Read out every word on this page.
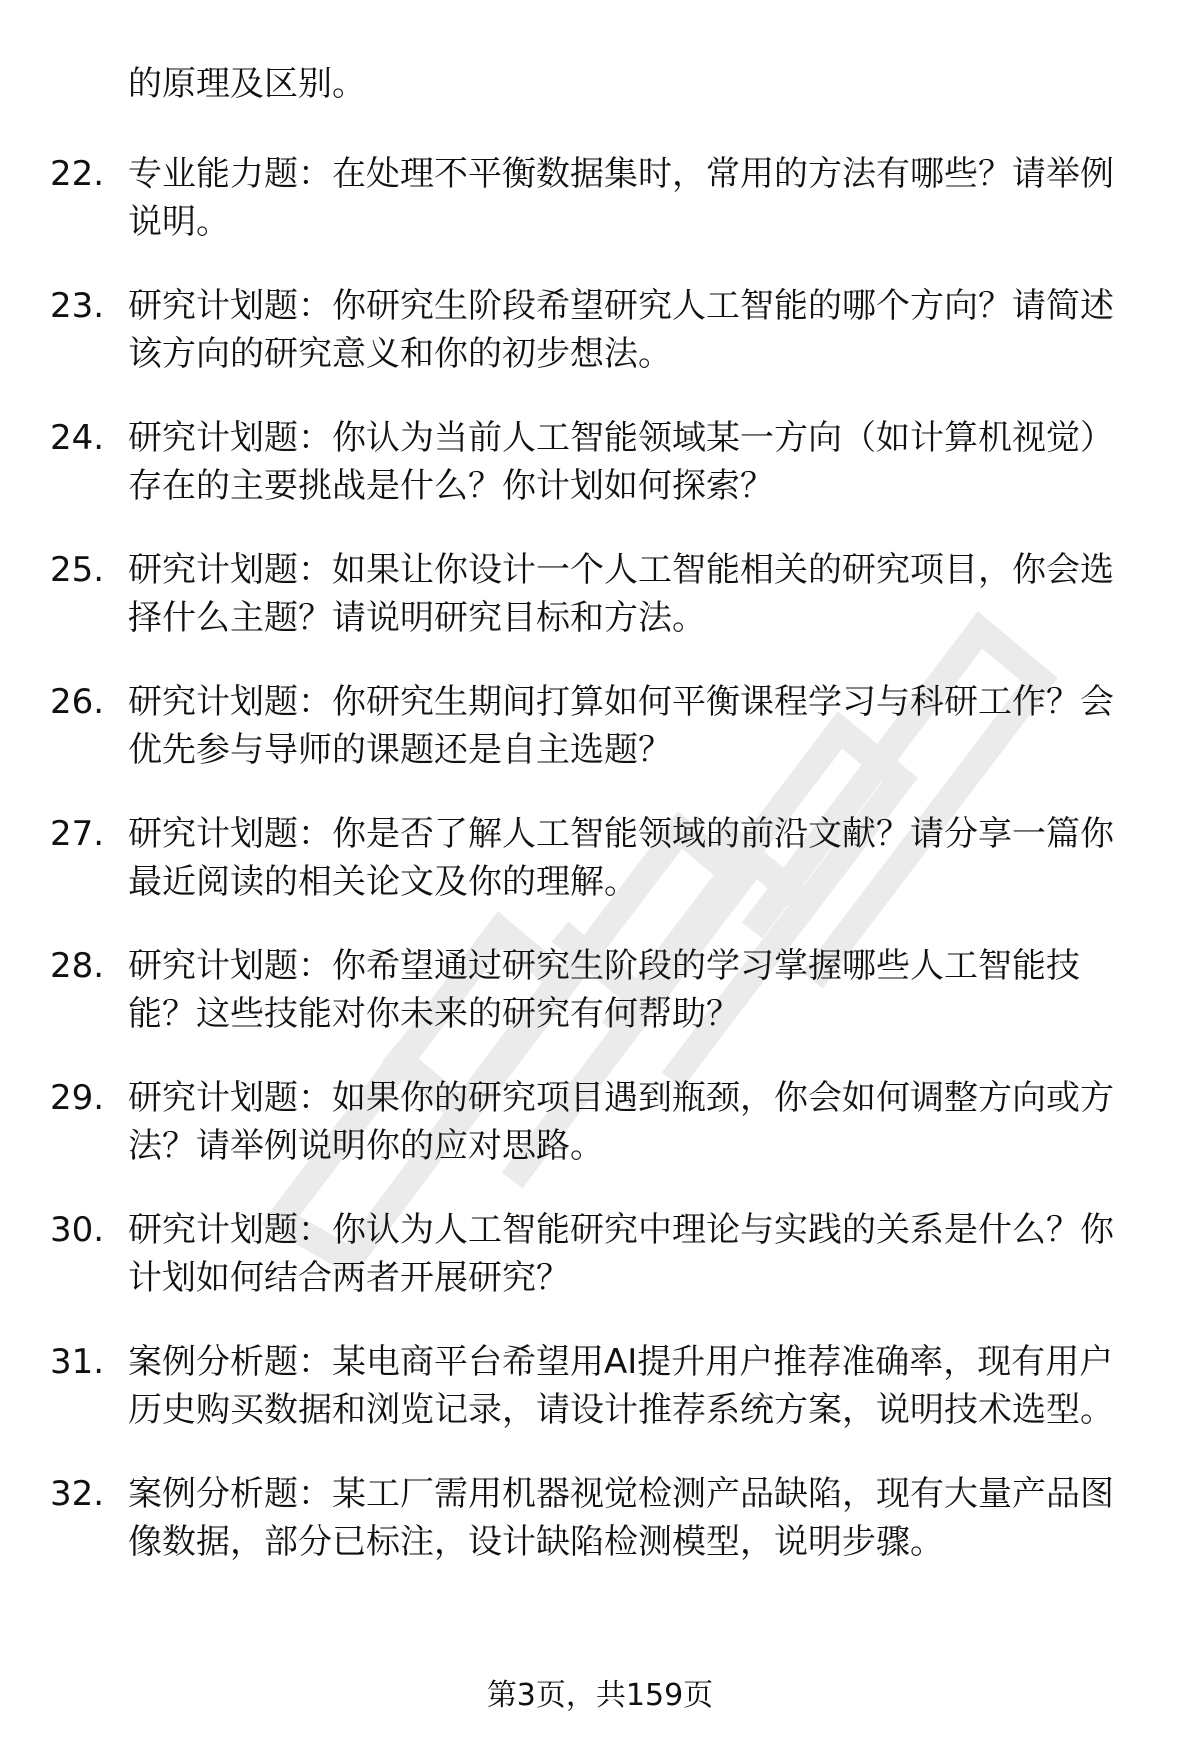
的原理及区别。
22. 专业能力题：在处理不平衡数据集时，常用的方法有哪些？请举例说明。
23. 研究计划题：你研究生阶段希望研究人工智能的哪个方向？请简述该方向的研究意义和你的初步想法。
24. 研究计划题：你认为当前人工智能领域某一方向（如计算机视觉）存在的主要挑战是什么？你计划如何探索？
25. 研究计划题：如果让你设计一个人工智能相关的研究项目，你会选择什么主题？请说明研究目标和方法。
26. 研究计划题：你研究生期间打算如何平衡课程学习与科研工作？会优先参与导师的课题还是自主选题？
27. 研究计划题：你是否了解人工智能领域的前沿文献？请分享一篇你最近阅读的相关论文及你的理解。
28. 研究计划题：你希望通过研究生阶段的学习掌握哪些人工智能技能？这些技能对你未来的研究有何帮助？
29. 研究计划题：如果你的研究项目遇到瓶颈，你会如何调整方向或方法？请举例说明你的应对思路。
30. 研究计划题：你认为人工智能研究中理论与实践的关系是什么？你计划如何结合两者开展研究？
31. 案例分析题：某电商平台希望用AI提升用户推荐准确率，现有用户历史购买数据和浏览记录，请设计推荐系统方案，说明技术选型。
32. 案例分析题：某工厂需用机器视觉检测产品缺陷，现有大量产品图像数据，部分已标注，设计缺陷检测模型，说明步骤。
第3页，共159页
